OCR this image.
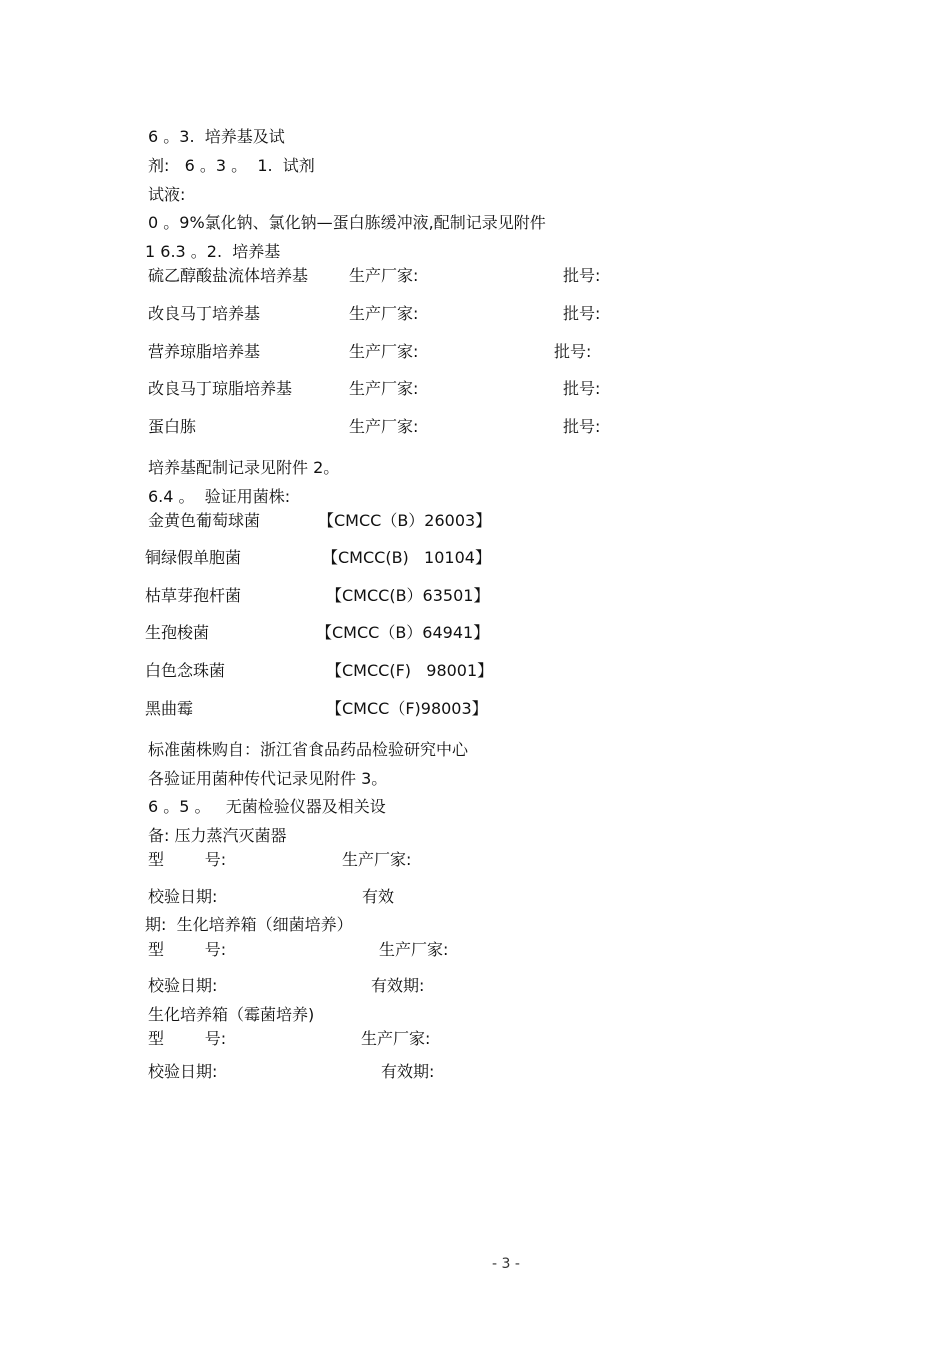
6 。3.  培养基及试
剂:   6 。3 。  1.  试剂
试液:
0 。9%氯化钠、氯化钠—蛋白胨缓冲液,配制记录见附件
1 6.3 。2.  培养基
硫乙醇酸盐流体培养基	生产厂家:	批号:
改良马丁培养基	生产厂家:	批号:
营养琼脂培养基	生产厂家:	批号:
改良马丁琼脂培养基	生产厂家:	批号:
蛋白胨	生产厂家:	批号:
培养基配制记录见附件 2。
6.4 。  验证用菌株:
金黄色葡萄球菌	【CMCC（B）26003】
铜绿假单胞菌	【CMCC(B)   10104】
枯草芽孢杆菌	【CMCC(B）63501】
生孢梭菌	【CMCC（B）64941】
白色念珠菌	【CMCC(F)   98001】
黑曲霉	【CMCC（F)98003】
标准菌株购自：浙江省食品药品检验研究中心
各验证用菌种传代记录见附件 3。
6 。5 。   无菌检验仪器及相关设
备: 压力蒸汽灭菌器
型        号:	生产厂家:
校验日期:	有效
期:  生化培养箱（细菌培养）
型        号:	生产厂家:
校验日期:	有效期:
生化培养箱（霉菌培养)
型        号:	生产厂家:
校验日期:	有效期:
- 3 -
